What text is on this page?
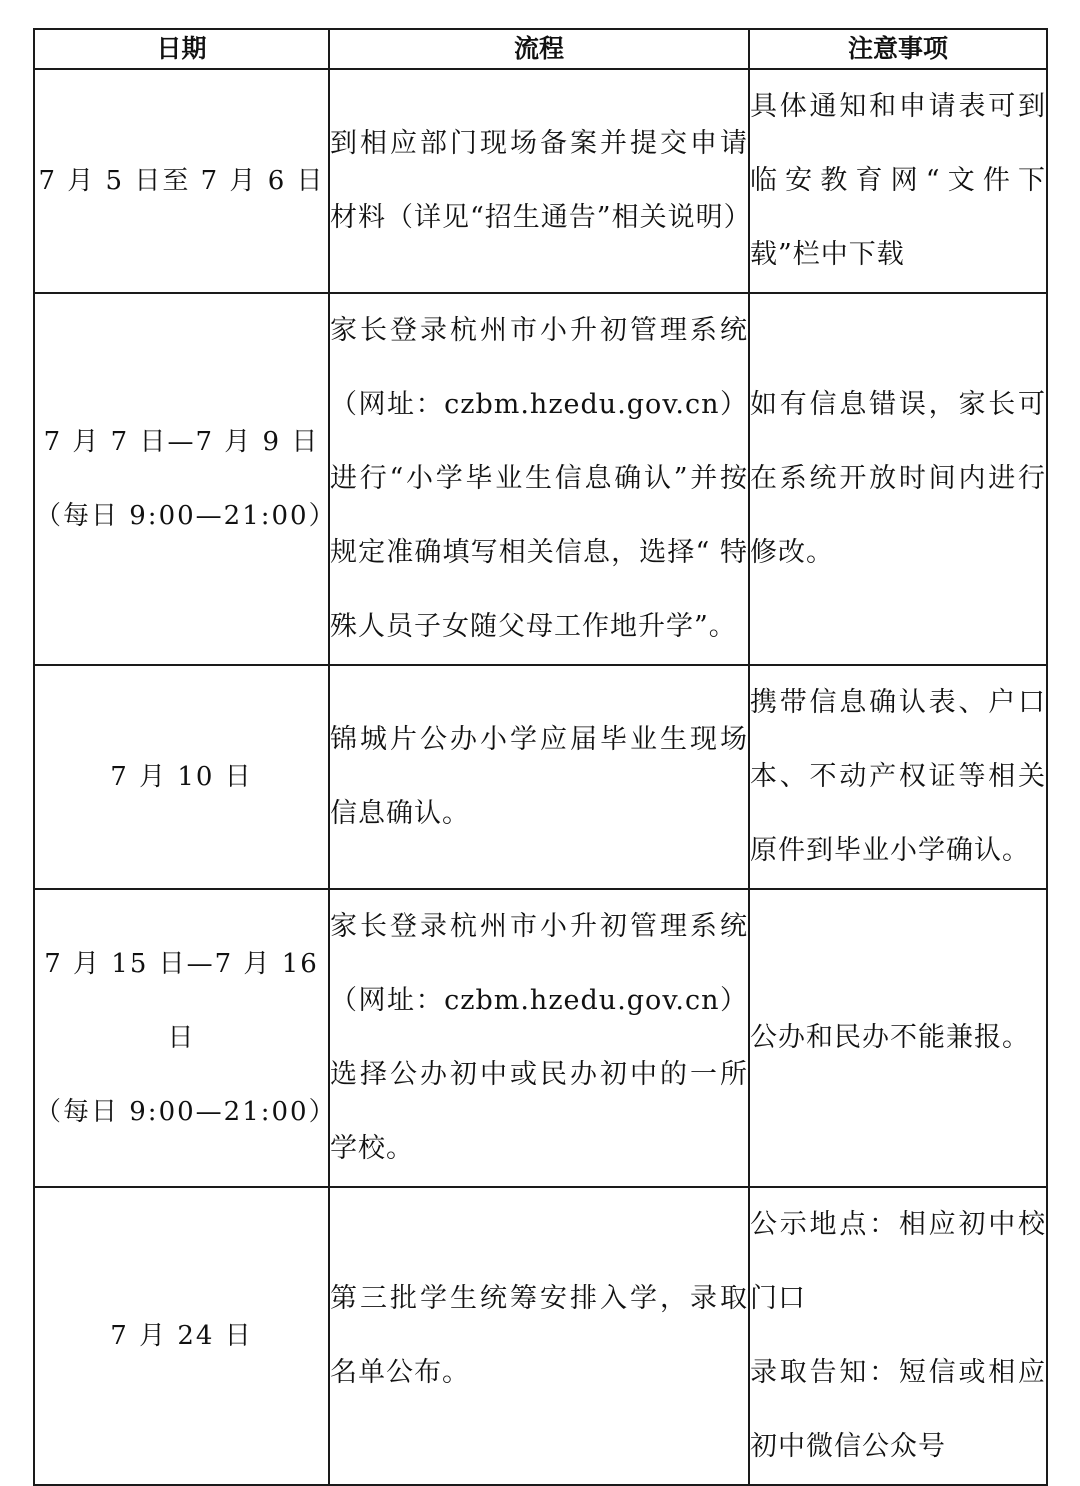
日期	流程	注意事项

7 月 5 日至 7 月 6 日	到相应部门现场备案并提交申请材料（详见“招生通告”相关说明）	具体通知和申请表可到临安教育网“文件下载”栏中下载

7 月 7 日—7 月 9 日
（每日 9:00—21:00）	家长登录杭州市小升初管理系统（网址：czbm.hzedu.gov.cn）进行“小学毕业生信息确认”并按规定准确填写相关信息，选择“ 特殊人员子女随父母工作地升学”。	如有信息错误，家长可在系统开放时间内进行修改。

7 月 10 日	锦城片公办小学应届毕业生现场信息确认。	携带信息确认表、户口本、不动产权证等相关原件到毕业小学确认。

7 月 15 日—7 月 16 日
（每日 9:00—21:00）	家长登录杭州市小升初管理系统（网址：czbm.hzedu.gov.cn）选择公办初中或民办初中的一所学校。	公办和民办不能兼报。

7 月 24 日	第三批学生统筹安排入学，录取名单公布。	公示地点：相应初中校门口
录取告知：短信或相应初中微信公众号
